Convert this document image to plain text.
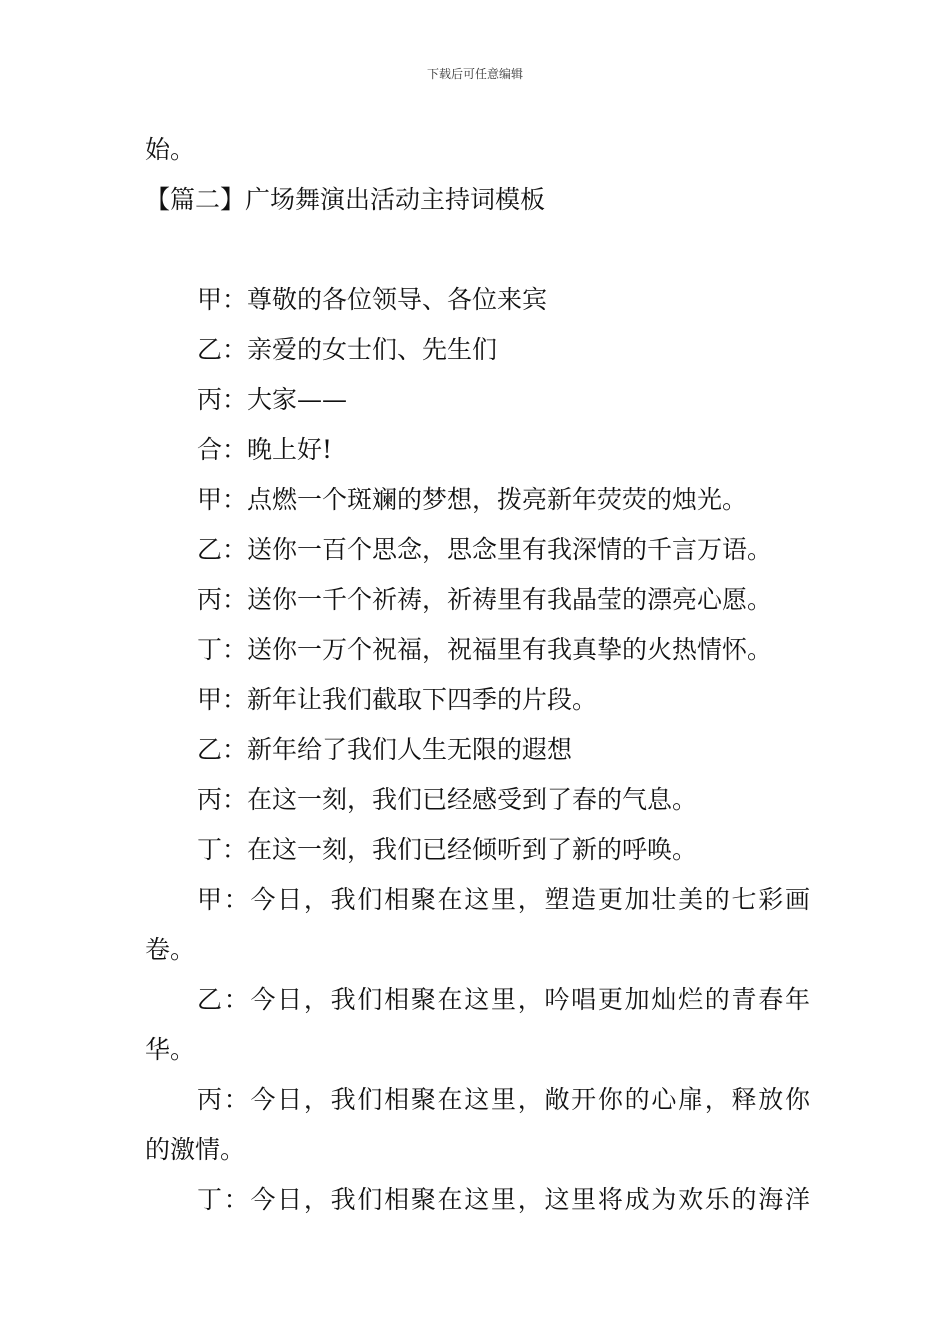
下载后可任意编辑
始。
【篇二】广场舞演出活动主持词模板
甲：尊敬的各位领导、各位来宾
乙：亲爱的女士们、先生们
丙：大家——
合：晚上好!
甲：点燃一个斑斓的梦想，拨亮新年荧荧的烛光。
乙：送你一百个思念，思念里有我深情的千言万语。
丙：送你一千个祈祷，祈祷里有我晶莹的漂亮心愿。
丁：送你一万个祝福，祝福里有我真挚的火热情怀。
甲：新年让我们截取下四季的片段。
乙：新年给了我们人生无限的遐想
丙：在这一刻，我们已经感受到了春的气息。
丁：在这一刻，我们已经倾听到了新的呼唤。
甲：今日，我们相聚在这里，塑造更加壮美的七彩画
卷。
乙：今日，我们相聚在这里，吟唱更加灿烂的青春年
华。
丙：今日，我们相聚在这里，敞开你的心扉，释放你
的激情。
丁：今日，我们相聚在这里，这里将成为欢乐的海洋
